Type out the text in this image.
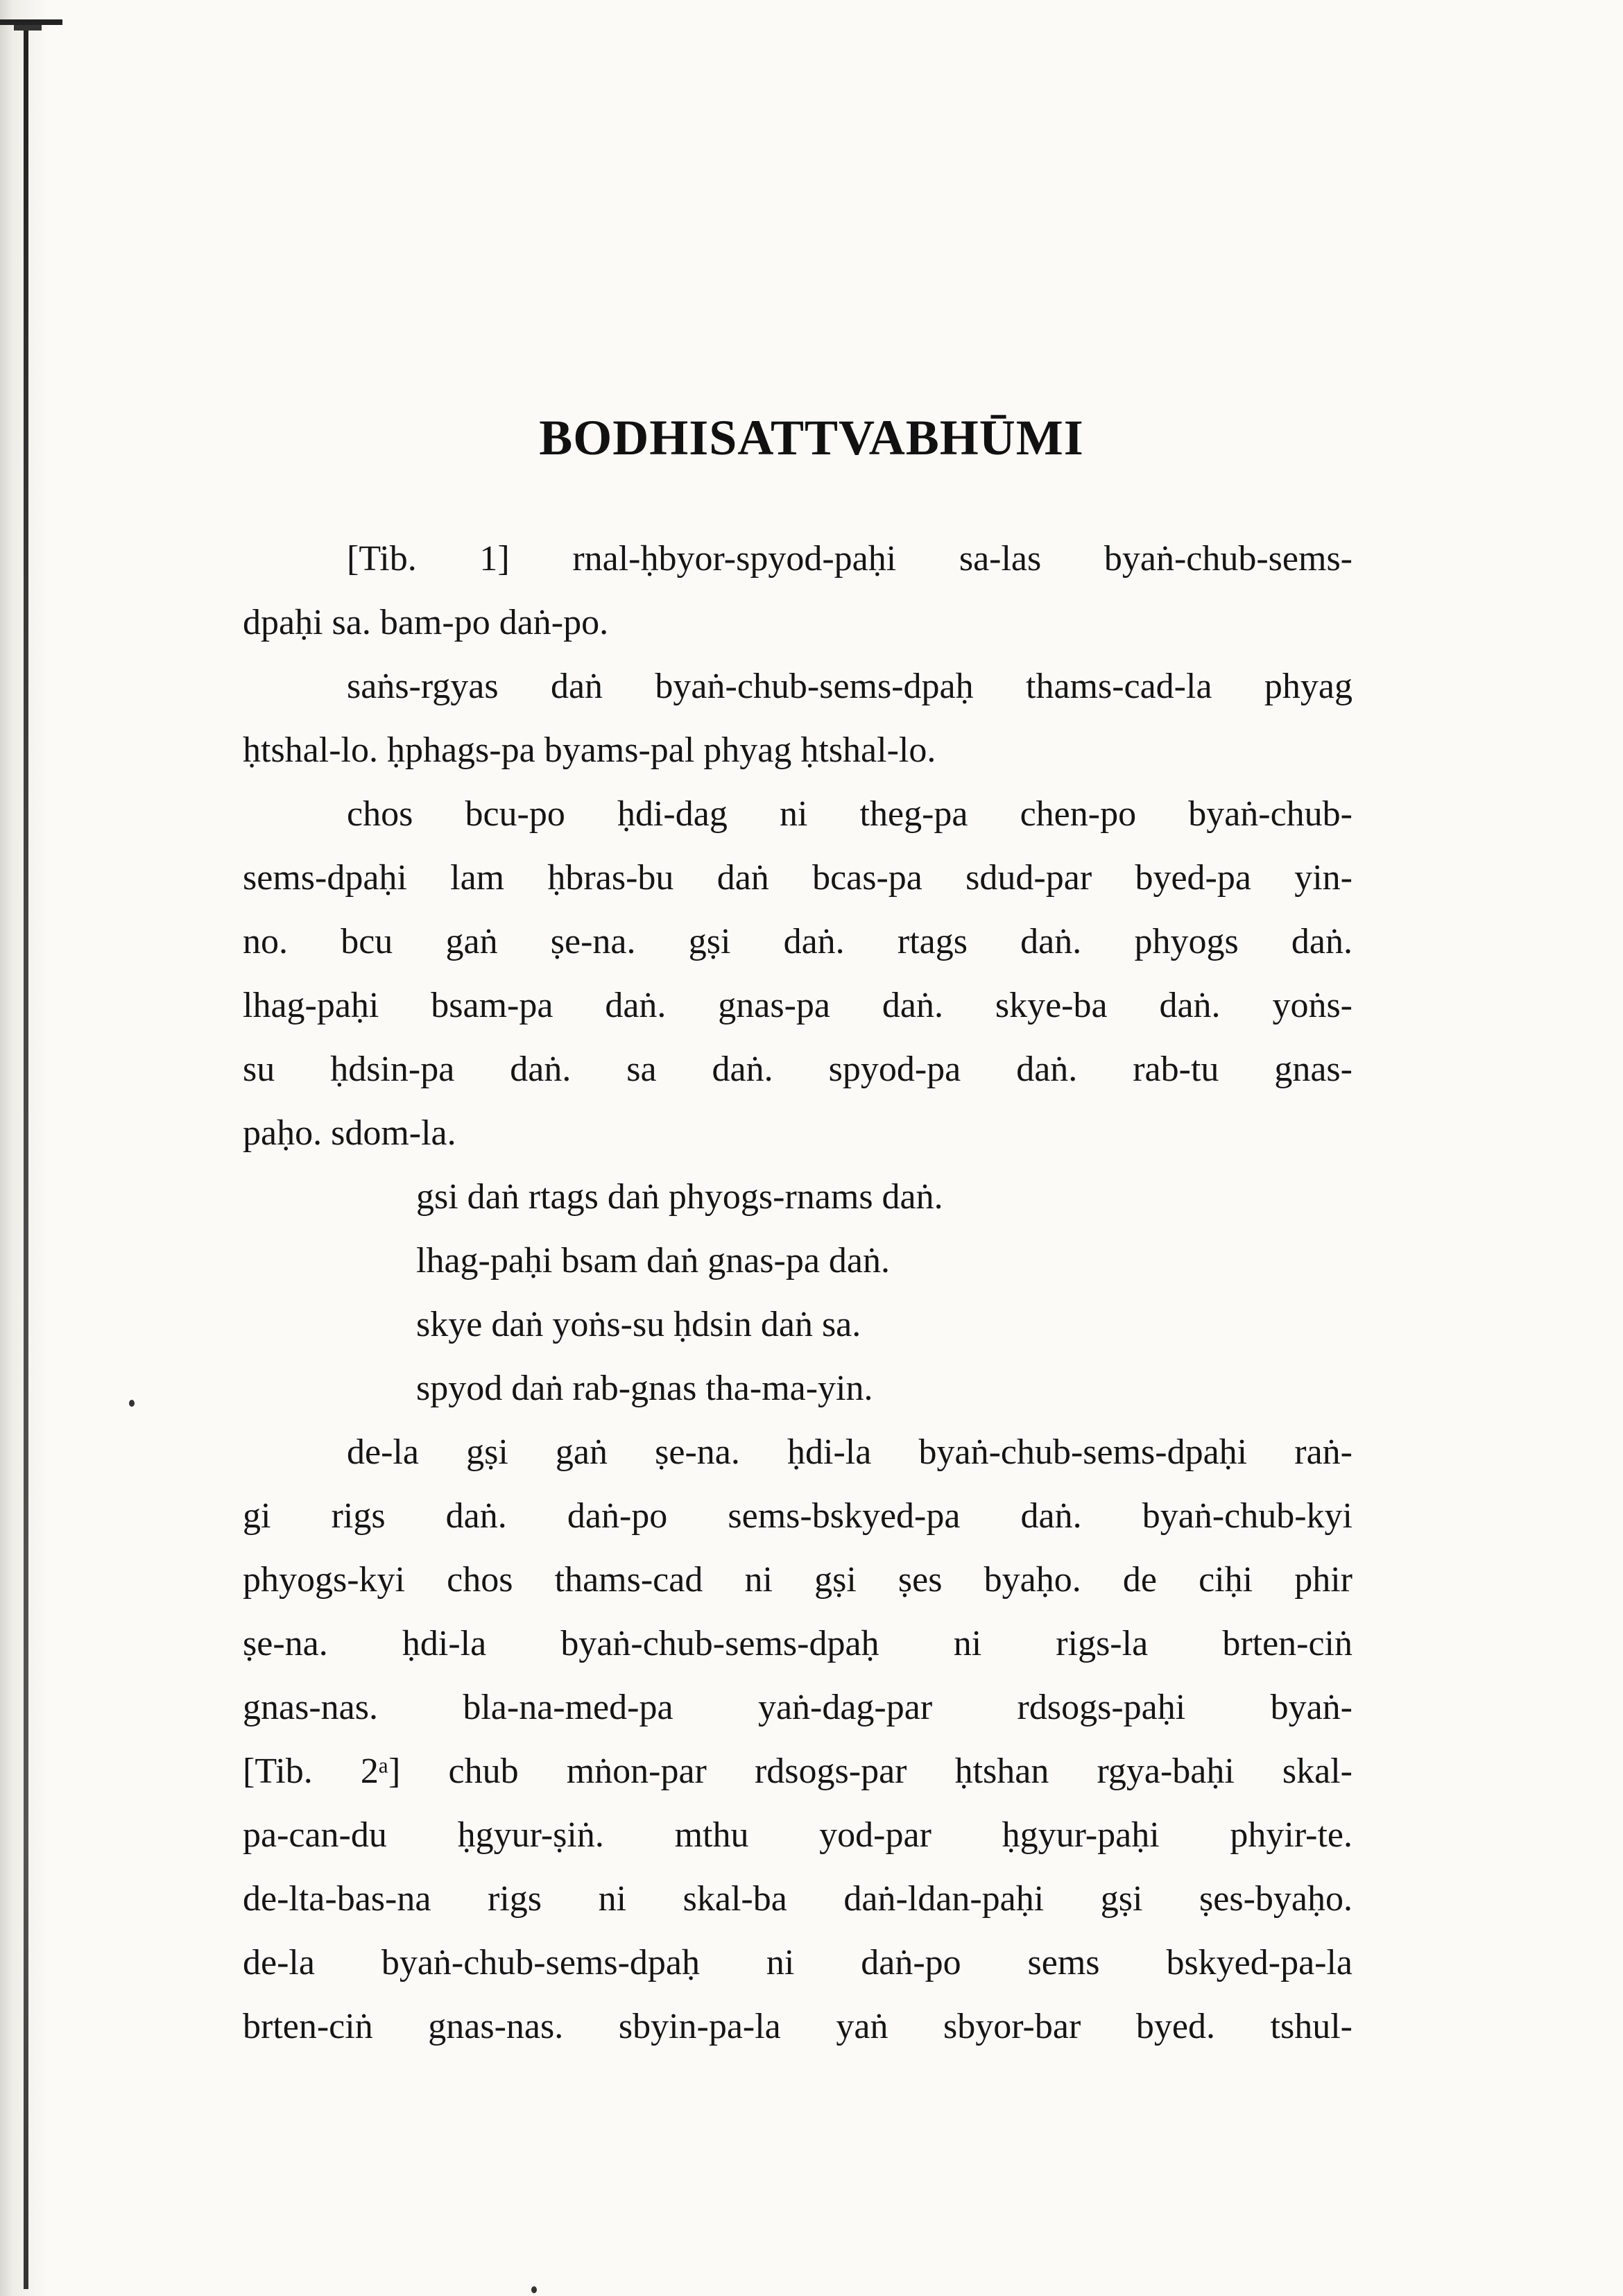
BODHISATTVABHŪMI
[Tib. 1] rnal-ḥbyor-spyod-paḥi sa-las byaṅ-chub-sems-
dpaḥi sa. bam-po daṅ-po.
saṅs-rgyas daṅ byaṅ-chub-sems-dpaḥ thams-cad-la phyag
ḥtshal-lo. ḥphags-pa byams-pal phyag ḥtshal-lo.
chos bcu-po ḥdi-dag ni theg-pa chen-po byaṅ-chub-
sems-dpaḥi lam ḥbras-bu daṅ bcas-pa sdud-par byed-pa yin-
no. bcu gaṅ ṣe-na. gṣi daṅ. rtags daṅ. phyogs daṅ.
lhag-paḥi bsam-pa daṅ. gnas-pa daṅ. skye-ba daṅ. yoṅs-
su ḥdsin-pa daṅ. sa daṅ. spyod-pa daṅ. rab-tu gnas-
paḥo. sdom-la.
gsi daṅ rtags daṅ phyogs-rnams daṅ.
lhag-paḥi bsam daṅ gnas-pa daṅ.
skye daṅ yoṅs-su ḥdsin daṅ sa.
spyod daṅ rab-gnas tha-ma-yin.
de-la gṣi gaṅ ṣe-na. ḥdi-la byaṅ-chub-sems-dpaḥi raṅ-
gi rigs daṅ. daṅ-po sems-bskyed-pa daṅ. byaṅ-chub-kyi
phyogs-kyi chos thams-cad ni gṣi ṣes byaḥo. de ciḥi phir
ṣe-na. ḥdi-la byaṅ-chub-sems-dpaḥ ni rigs-la brten-ciṅ
gnas-nas. bla-na-med-pa yaṅ-dag-par rdsogs-paḥi byaṅ-
[Tib. 2ᵃ] chub mṅon-par rdsogs-par ḥtshan rgya-baḥi skal-
pa-can-du ḥgyur-ṣiṅ. mthu yod-par ḥgyur-paḥi phyir-te.
de-lta-bas-na rigs ni skal-ba daṅ-ldan-paḥi gṣi ṣes-byaḥo.
de-la byaṅ-chub-sems-dpaḥ ni daṅ-po sems bskyed-pa-la
brten-ciṅ gnas-nas. sbyin-pa-la yaṅ sbyor-bar byed. tshul-
